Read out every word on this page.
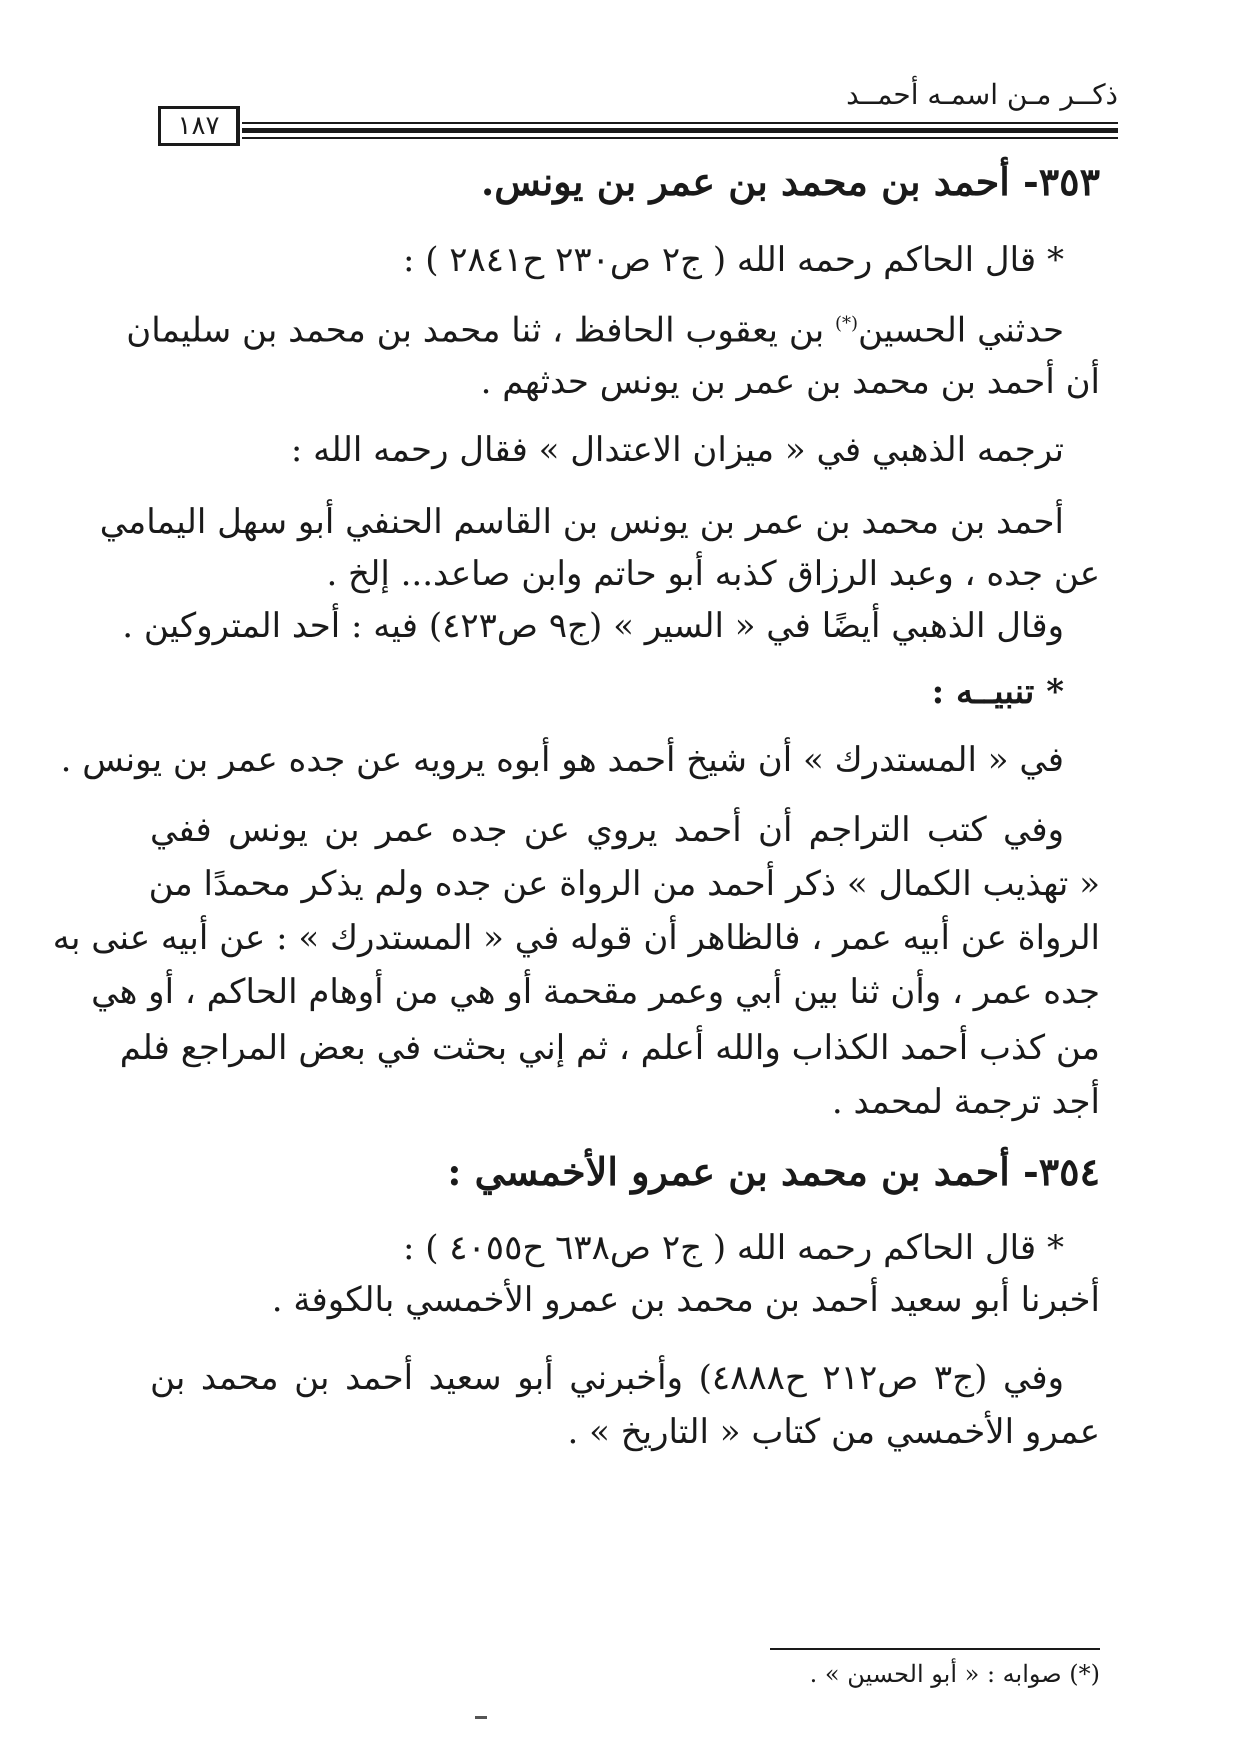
ذكــر مـن اسمـه أحمــد
١٨٧
٣٥٣- أحمد بن محمد بن عمر بن يونس.
* قال الحاكم رحمه الله ( ج٢ ص٢٣٠ ح٢٨٤١ ) :
حدثني الحسين(*) بن يعقوب الحافظ ، ثنا محمد بن محمد بن سليمان
أن أحمد بن محمد بن عمر بن يونس حدثهم .
ترجمه الذهبي في « ميزان الاعتدال » فقال رحمه الله :
أحمد بن محمد بن عمر بن يونس بن القاسم الحنفي أبو سهل اليمامي
عن جده ، وعبد الرزاق كذبه أبو حاتم وابن صاعد... إلخ .
وقال الذهبي أيضًا في « السير » (ج٩ ص٤٢٣) فيه : أحد المتروكين .
* تنبيــه :
في « المستدرك » أن شيخ أحمد هو أبوه يرويه عن جده عمر بن يونس .
وفي كتب التراجم أن أحمد يروي عن جده عمر بن يونس ففي
« تهذيب الكمال » ذكر أحمد من الرواة عن جده ولم يذكر محمدًا من
الرواة عن أبيه عمر ، فالظاهر أن قوله في « المستدرك » : عن أبيه عنى به
جده عمر ، وأن ثنا بين أبي وعمر مقحمة أو هي من أوهام الحاكم ، أو هي
من كذب أحمد الكذاب والله أعلم ، ثم إني بحثت في بعض المراجع فلم
أجد ترجمة لمحمد .
٣٥٤- أحمد بن محمد بن عمرو الأخمسي :
* قال الحاكم رحمه الله ( ج٢ ص٦٣٨ ح٤٠٥٥ ) :
أخبرنا أبو سعيد أحمد بن محمد بن عمرو الأخمسي بالكوفة .
وفي (ج٣ ص٢١٢ ح٤٨٨٨) وأخبرني أبو سعيد أحمد بن محمد بن
عمرو الأخمسي من كتاب « التاريخ » .
(*) صوابه : « أبو الحسين » .
